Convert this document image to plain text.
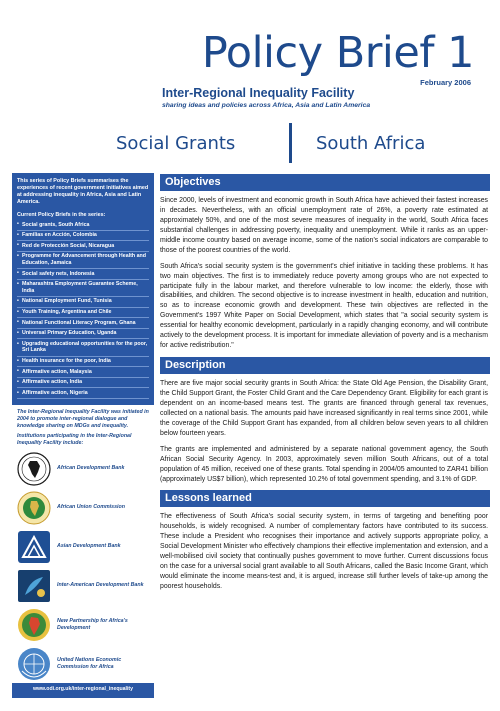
Policy Brief 1
February 2006
Inter-Regional Inequality Facility
sharing ideas and policies across Africa, Asia and Latin America
Social Grants	South Africa
This series of Policy Briefs summarises the experiences of recent government initiatives aimed at addressing inequality in Africa, Asia and Latin America.
Current Policy Briefs in the series:
• Social grants, South Africa
• Familias en Acción, Colombia
• Red de Protección Social, Nicaragua
• Programme for Advancement through Health and Education, Jamaica
• Social safety nets, Indonesia
• Maharashtra Employment Guarantee Scheme, India
• National Employment Fund, Tunisia
• Youth Training, Argentina and Chile
• National Functional Literacy Program, Ghana
• Universal Primary Education, Uganda
• Upgrading educational opportunities for the poor, Sri Lanka
• Health insurance for the poor, India
• Affirmative action, Malaysia
• Affirmative action, India
• Affirmative action, Nigeria
The Inter-Regional Inequality Facility was initiated in 2004 to promote inter-regional dialogue and knowledge sharing on MDGs and inequality.
Institutions participating in the Inter-Regional Inequality Facility include:
African Development Bank
African Union Commission
Asian Development Bank
Inter-American Development Bank
New Partnership for Africa's Development
United Nations Economic Commission for Africa
www.odi.org.uk/inter-regional_inequality
Objectives

Since 2000, levels of investment and economic growth in South Africa have achieved their fastest increases in decades. Nevertheless, with an official unemployment rate of 26%, a poverty rate estimated at approximately 50%, and one of the most severe measures of inequality in the world, South Africa faces substantial challenges in addressing poverty, inequality and unemployment. While it ranks as an upper-middle income country based on average income, some of the nation's social indicators are comparable to those of the poorest countries of the world.

South Africa's social security system is the government's chief initiative in tackling these problems. It has two main objectives. The first is to immediately reduce poverty among groups who are not expected to participate fully in the labour market, and therefore vulnerable to low income: the elderly, those with disabilities, and children. The second objective is to increase investment in health, education and nutrition, so as to increase economic growth and development. These twin objectives are reflected in the Government's 1997 White Paper on Social Development, which states that "a social security system is essential for healthy economic development, particularly in a rapidly changing economy, and will contribute actively to the development process. It is important for immediate alleviation of poverty and is a mechanism for active redistribution."

Description

There are five major social security grants in South Africa: the State Old Age Pension, the Disability Grant, the Child Support Grant, the Foster Child Grant and the Care Dependency Grant. Eligibility for each grant is dependent on an income-based means test. The grants are financed through general tax revenues, collected on a national basis. The amounts paid have increased significantly in real terms since 2001, while the coverage of the Child Support Grant has expanded, from all children below seven years to all children below fourteen years.

The grants are implemented and administered by a separate national government agency, the South African Social Security Agency. In 2003, approximately seven million South Africans, out of a total population of 45 million, received one of these grants. Total spending in 2004/05 amounted to ZAR41 billion (approximately US$7 billion), which represented 10.2% of total government spending, and 3.1% of GDP.

Lessons learned

The effectiveness of South Africa's social security system, in terms of targeting and benefiting poor households, is widely recognised. A number of complementary factors have contributed to its success. These include a President who recognises their importance and actively supports appropriate policy, a Social Development Minister who effectively champions their effective implementation and extension, and a well-mobilised civil society that continually pushes government to move further. Current discussions focus on the case for a universal social grant available to all South Africans, called the Basic Income Grant, which would eliminate the income means-test and, it is argued, increase still further levels of take-up among the poorest households.
